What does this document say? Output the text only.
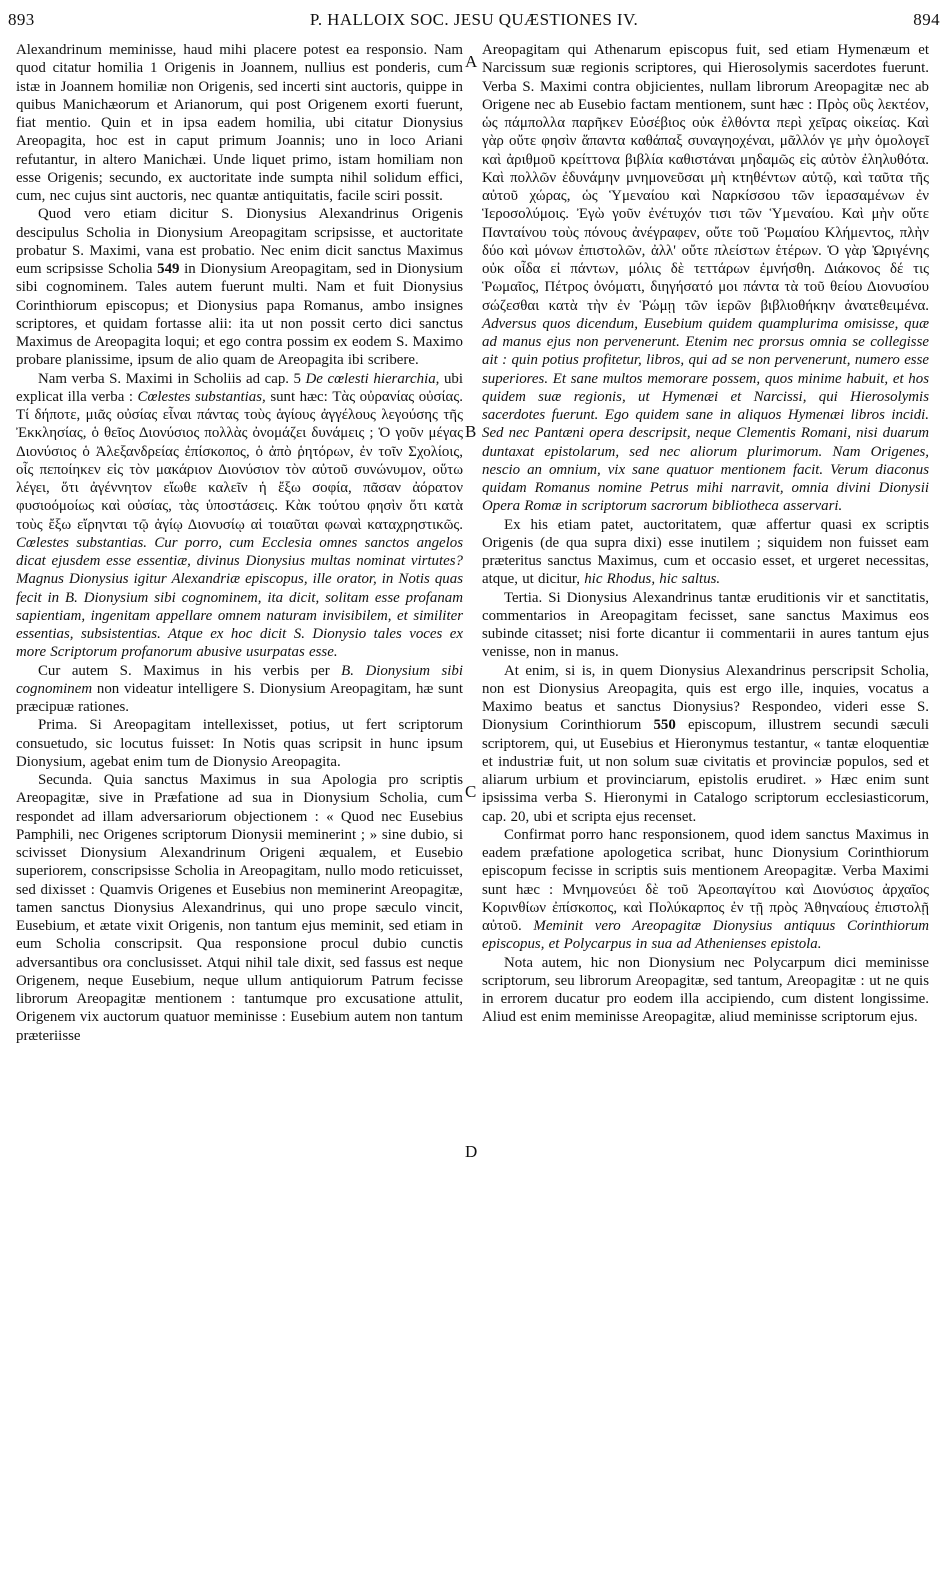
893	P. HALLOIX SOC. JESU QUÆSTIONES IV.	894
A
B
C
D

Alexandrinum meminisse, haud mihi placere potest ea responsio. Nam quod citatur homilia 1 Origenis in Joannem, nullius est ponderis, cum istæ in Joannem homiliæ non Origenis, sed incerti sint auctoris, quippe in quibus Manichæorum et Arianorum, qui post Origenem exorti fuerunt, fiat mentio. Quin et in ipsa eadem homilia, ubi citatur Dionysius Areopagita, hoc est in caput primum Joannis; uno in loco Ariani refutantur, in altero Manichæi. Unde liquet primo, istam homiliam non esse Origenis; secundo, ex auctoritate inde sumpta nihil solidum effici, cum, nec cujus sint auctoris, nec quantæ antiquitatis, facile sciri possit.

Quod vero etiam dicitur S. Dionysius Alexandrinus Origenis descipulus Scholia in Dionysium Areopagitam scripsisse, et auctoritate probatur S. Maximi, vana est probatio. Nec enim dicit sanctus Maximus eum scripsisse Scholia 549 in Dionysium Areopagitam, sed in Dionysium sibi cognominem. Tales autem fuerunt multi. Nam et fuit Dionysius Corinthiorum episcopus; et Dionysius papa Romanus, ambo insignes scriptores, et quidam fortasse alii: ita ut non possit certo dici sanctus Maximus de Areopagita loqui; et ego contra possim ex eodem S. Maximo probare planissime, ipsum de alio quam de Areopagita ibi scribere.

Nam verba S. Maximi in Scholiis ad cap. 5 De cœlesti hierarchia, ubi explicat illa verba : Cœlestes substantias, sunt hæc: Τὰς οὐρανίας οὐσίας. Τί δήποτε, μιᾶς οὐσίας εἶναι πάντας τοὺς ἁγίους ἀγγέλους λεγούσης τῆς Ἐκκλησίας, ὁ θεῖος Διονύσιος πολλὰς ὀνομάζει δυνάμεις ; Ὁ γοῦν μέγας Διονύσιος ὁ Ἀλεξανδρείας ἐπίσκοπος, ὁ ἀπὸ ῥητόρων, ἐν τοῖν Σχολίοις, οἷς πεποίηκεν εἰς τὸν μακάριον Διονύσιον τὸν αὐτοῦ συνώνυμον, οὕτω λέγει, ὅτι ἀγέννητον εἴωθε καλεῖν ἡ ἔξω σοφία, πᾶσαν ἀόρατον φυσιοόμοίως καὶ οὐσίας, τὰς ὑποστάσεις. Κὰκ τούτου φησὶν ὅτι κατὰ τοὺς ἔξω εἴρηνται τῷ ἁγίῳ Διονυσίῳ αἱ τοιαῦται φωναὶ καταχρηστικῶς. Cœlestes substantias. Cur porro, cum Ecclesia omnes sanctos angelos dicat ejusdem esse essentiæ, divinus Dionysius multas nominat virtutes? Magnus Dionysius igitur Alexandriæ episcopus, ille orator, in Notis quas fecit in B. Dionysium sibi cognominem, ita dicit, solitam esse profanam sapientiam, ingenitam appellare omnem naturam invisibilem, et similiter essentias, subsistentias. Atque ex hoc dicit S. Dionysio tales voces ex more Scriptorum profanorum abusive usurpatas esse.

Cur autem S. Maximus in his verbis per B. Dionysium sibi cognominem non videatur intelligere S. Dionysium Areopagitam, hæ sunt præcipuæ rationes.

Prima. Si Areopagitam intellexisset, potius, ut fert scriptorum consuetudo, sic locutus fuisset: In Notis quas scripsit in hunc ipsum Dionysium, agebat enim tum de Dionysio Areopagita.

Secunda. Quia sanctus Maximus in sua Apologia pro scriptis Areopagitæ, sive in Præfatione ad sua in Dionysium Scholia, cum respondet ad illam adversariorum objectionem : « Quod nec Eusebius Pamphili, nec Origenes scriptorum Dionysii meminerint ; » sine dubio, si scivisset Dionysium Alexandrinum Origeni æqualem, et Eusebio superiorem, conscripsisse Scholia in Areopagitam, nullo modo reticuisset, sed dixisset : Quamvis Origenes et Eusebius non meminerint Areopagitæ, tamen sanctus Dionysius Alexandrinus, qui uno prope sæculo vincit, Eusebium, et ætate vixit Origenis, non tantum ejus meminit, sed etiam in eum Scholia conscripsit. Qua responsione procul dubio cunctis adversantibus ora conclusisset. Atqui nihil tale dixit, sed fassus est neque Origenem, neque Eusebium, neque ullum antiquiorum Patrum fecisse librorum Areopagitæ mentionem : tantumque pro excusatione attulit, Origenem vix auctorum quatuor meminisse : Eusebium autem non tantum præteriisse

Areopagitam qui Athenarum episcopus fuit, sed etiam Hymenæum et Narcissum suæ regionis scriptores, qui Hierosolymis sacerdotes fuerunt. Verba S. Maximi contra objicientes, nullam librorum Areopagitæ nec ab Origene nec ab Eusebio factam mentionem, sunt hæc : Πρὸς οὓς λεκτέον, ὡς πάμπολλα παρῆκεν Εὐσέβιος οὐκ ἐλθόντα περὶ χεῖρας οἰκείας. Καὶ γὰρ οὔτε φησὶν ἅπαντα καθάπαξ συναγηοχέναι, μᾶλλόν γε μὴν ὁμολογεῖ καὶ ἀριθμοῦ κρείττονα βιβλία καθιστάναι μηδαμῶς εἰς αὐτὸν ἐληλυθότα. Καὶ πολλῶν ἐδυνάμην μνημονεῦσαι μὴ κτηθέντων αὐτῷ, καὶ ταῦτα τῆς αὐτοῦ χώρας, ὡς Ὑμεναίου καὶ Ναρκίσσου τῶν ἱερασαμένων ἐν Ἱεροσολύμοις. Ἐγὼ γοῦν ἐνέτυχόν τισι τῶν Ὑμεναίου. Καὶ μὴν οὔτε Πανταίνου τοὺς πόνους ἀνέγραφεν, οὔτε τοῦ Ῥωμαίου Κλήμεντος, πλὴν δύο καὶ μόνων ἐπιστολῶν, ἀλλ' οὔτε πλείστων ἑτέρων. Ὁ γὰρ Ὠριγένης οὐκ οἶδα εἰ πάντων, μόλις δὲ τεττάρων ἐμνήσθη. Διάκονος δέ τις Ῥωμαῖος, Πέτρος ὀνόματι, διηγήσατό μοι πάντα τὰ τοῦ θείου Διονυσίου σώζεσθαι κατὰ τὴν ἐν Ῥώμῃ τῶν ἱερῶν βιβλιοθήκην ἀνατεθειμένα. Adversus quos dicendum, Eusebium quidem quamplurima omisisse, quæ ad manus ejus non pervenerunt. Etenim nec prorsus omnia se collegisse ait : quin potius profitetur, libros, qui ad se non pervenerunt, numero esse superiores. Et sane multos memorare possem, quos minime habuit, et hos quidem suæ regionis, ut Hymenæi et Narcissi, qui Hierosolymis sacerdotes fuerunt. Ego quidem sane in aliquos Hymenæi libros incidi. Sed nec Pantæni opera descripsit, neque Clementis Romani, nisi duarum duntaxat epistolarum, sed nec aliorum plurimorum. Nam Origenes, nescio an omnium, vix sane quatuor mentionem facit. Verum diaconus quidam Romanus nomine Petrus mihi narravit, omnia divini Dionysii Opera Romæ in scriptorum sacrorum bibliotheca asservari.

Ex his etiam patet, auctoritatem, quæ affertur quasi ex scriptis Origenis (de qua supra dixi) esse inutilem ; siquidem non fuisset eam præteritus sanctus Maximus, cum et occasio esset, et urgeret necessitas, atque, ut dicitur, hic Rhodus, hic saltus.

Tertia. Si Dionysius Alexandrinus tantæ eruditionis vir et sanctitatis, commentarios in Areopagitam fecisset, sane sanctus Maximus eos subinde citasset; nisi forte dicantur ii commentarii in aures tantum ejus venisse, non in manus.

At enim, si is, in quem Dionysius Alexandrinus perscripsit Scholia, non est Dionysius Areopagita, quis est ergo ille, inquies, vocatus a Maximo beatus et sanctus Dionysius? Respondeo, videri esse S. Dionysium Corinthiorum 550 episcopum, illustrem secundi sæculi scriptorem, qui, ut Eusebius et Hieronymus testantur, « tantæ eloquentiæ et industriæ fuit, ut non solum suæ civitatis et provinciæ populos, sed et aliarum urbium et provinciarum, epistolis erudiret. » Hæc enim sunt ipsissima verba S. Hieronymi in Catalogo scriptorum ecclesiasticorum, cap. 20, ubi et scripta ejus recenset.

Confirmat porro hanc responsionem, quod idem sanctus Maximus in eadem præfatione apologetica scribat, hunc Dionysium Corinthiorum episcopum fecisse in scriptis suis mentionem Areopagitæ. Verba Maximi sunt hæc : Μνημονεύει δὲ τοῦ Ἀρεοπαγίτου καὶ Διονύσιος ἀρχαῖος Κορινθίων ἐπίσκοπος, καὶ Πολύκαρπος ἐν τῇ πρὸς Ἀθηναίους ἐπιστολῇ αὐτοῦ. Meminit vero Areopagitæ Dionysius antiquus Corinthiorum episcopus, et Polycarpus in sua ad Athenienses epistola.

Nota autem, hic non Dionysium nec Polycarpum dici meminisse scriptorum, seu librorum Areopagitæ, sed tantum, Areopagitæ : ut ne quis in errorem ducatur pro eodem illa accipiendo, cum distent longissime. Aliud est enim meminisse Areopagitæ, aliud meminisse scriptorum ejus.
